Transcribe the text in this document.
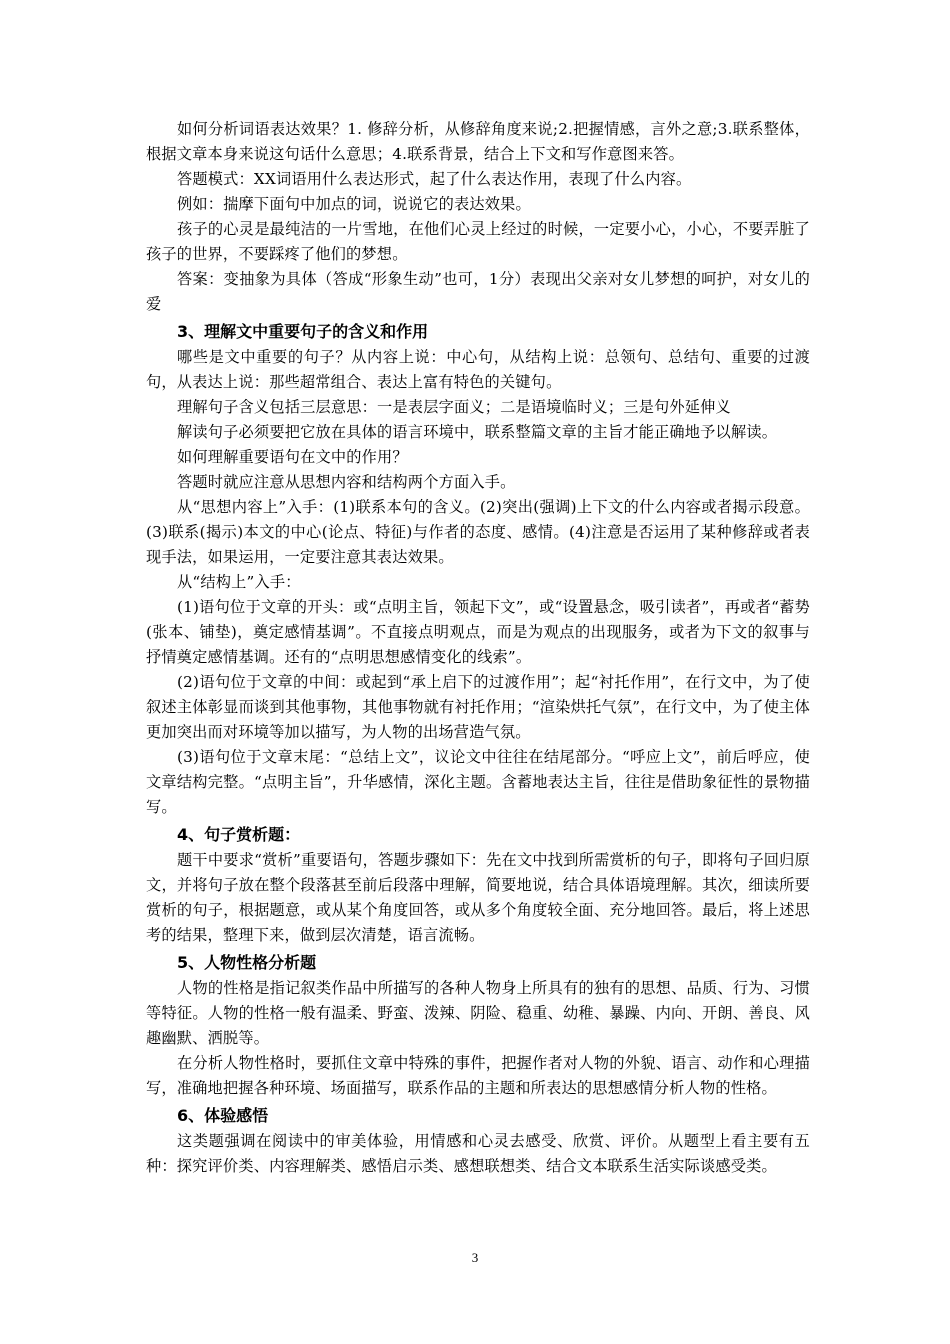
如何分析词语表达效果？1. 修辞分析，从修辞角度来说;2.把握情感，言外之意;3.联系整体，根据文章本身来说这句话什么意思；4.联系背景，结合上下文和写作意图来答。

答题模式：XX词语用什么表达形式，起了什么表达作用，表现了什么内容。

例如：揣摩下面句中加点的词，说说它的表达效果。

孩子的心灵是最纯洁的一片雪地，在他们心灵上经过的时候，一定要小心，小心，不要弄脏了孩子的世界，不要踩疼了他们的梦想。

答案：变抽象为具体（答成“形象生动”也可，1分）表现出父亲对女儿梦想的呵护，对女儿的爱

3、理解文中重要句子的含义和作用

哪些是文中重要的句子？从内容上说：中心句，从结构上说：总领句、总结句、重要的过渡句，从表达上说：那些超常组合、表达上富有特色的关键句。

理解句子含义包括三层意思：一是表层字面义；二是语境临时义；三是句外延伸义

解读句子必须要把它放在具体的语言环境中，联系整篇文章的主旨才能正确地予以解读。

如何理解重要语句在文中的作用？

答题时就应注意从思想内容和结构两个方面入手。

从“思想内容上”入手：(1)联系本句的含义。(2)突出(强调)上下文的什么内容或者揭示段意。(3)联系(揭示)本文的中心(论点、特征)与作者的态度、感情。(4)注意是否运用了某种修辞或者表现手法，如果运用，一定要注意其表达效果。

从“结构上”入手：

(1)语句位于文章的开头：或“点明主旨，领起下文”，或“设置悬念，吸引读者”，再或者“蓄势(张本、铺垫)，奠定感情基调”。不直接点明观点，而是为观点的出现服务，或者为下文的叙事与抒情奠定感情基调。还有的“点明思想感情变化的线索”。

(2)语句位于文章的中间：或起到“承上启下的过渡作用”；起“衬托作用”，在行文中，为了使叙述主体彰显而谈到其他事物，其他事物就有衬托作用；“渲染烘托气氛”，在行文中，为了使主体更加突出而对环境等加以描写，为人物的出场营造气氛。

(3)语句位于文章末尾：“总结上文”，议论文中往往在结尾部分。“呼应上文”，前后呼应，使文章结构完整。“点明主旨”，升华感情，深化主题。含蓄地表达主旨，往往是借助象征性的景物描写。

4、句子赏析题：

题干中要求“赏析”重要语句，答题步骤如下：先在文中找到所需赏析的句子，即将句子回归原文，并将句子放在整个段落甚至前后段落中理解，简要地说，结合具体语境理解。其次，细读所要赏析的句子，根据题意，或从某个角度回答，或从多个角度较全面、充分地回答。最后，将上述思考的结果，整理下来，做到层次清楚，语言流畅。

5、人物性格分析题

人物的性格是指记叙类作品中所描写的各种人物身上所具有的独有的思想、品质、行为、习惯等特征。人物的性格一般有温柔、野蛮、泼辣、阴险、稳重、幼稚、暴躁、内向、开朗、善良、风趣幽默、洒脱等。

在分析人物性格时，要抓住文章中特殊的事件，把握作者对人物的外貌、语言、动作和心理描写，准确地把握各种环境、场面描写，联系作品的主题和所表达的思想感情分析人物的性格。

6、体验感悟

这类题强调在阅读中的审美体验，用情感和心灵去感受、欣赏、评价。从题型上看主要有五种：探究评价类、内容理解类、感悟启示类、感想联想类、结合文本联系生活实际谈感受类。

3
